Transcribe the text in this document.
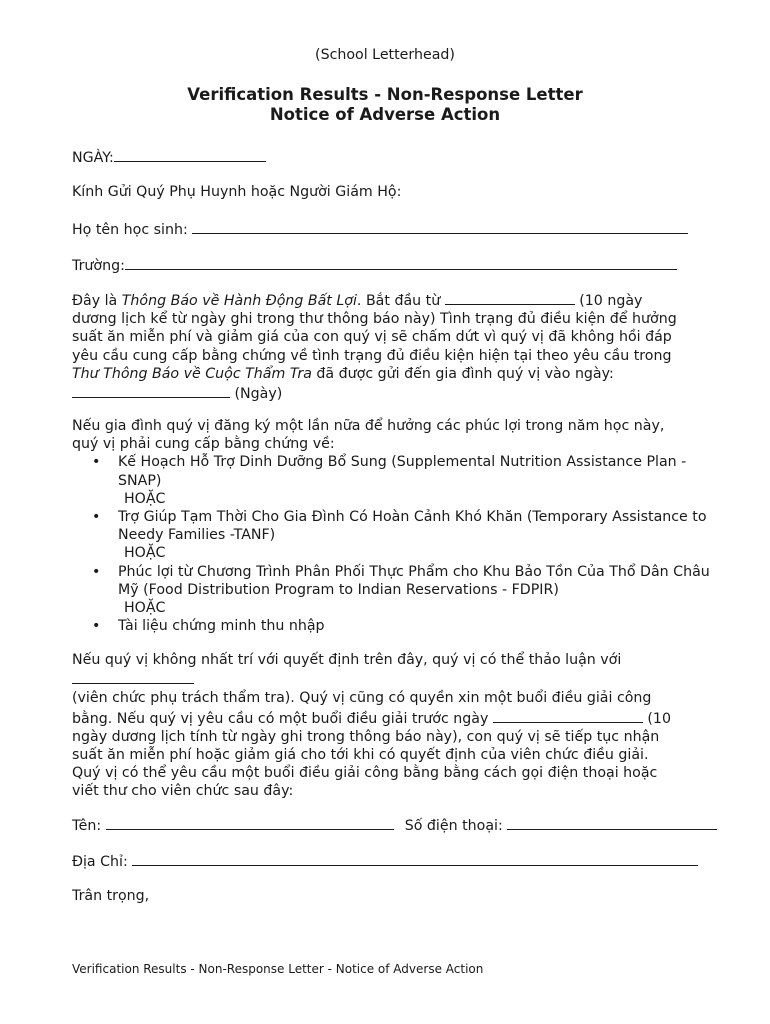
(School Letterhead)
Verification Results - Non-Response Letter
Notice of Adverse Action
NGÀY:
Kính Gửi Quý Phụ Huynh hoặc Người Giám Hộ:
Họ tên học sinh:
Trường:

Đây là Thông Báo về Hành Động Bất Lợi. Bắt đầu từ	(10 ngày

dương lịch kể từ ngày ghi trong thư thông báo này) Tình trạng đủ điều kiện để hưởng

suất ăn miễn phí và giảm giá của con quý vị sẽ chấm dứt vì quý vị đã không hồi đáp

yêu cầu cung cấp bằng chứng về tình trạng đủ điều kiện hiện tại theo yêu cầu trong

Thư Thông Báo về Cuộc Thẩm Tra đã được gửi đến gia đình quý vị vào ngày:

(Ngày)

Nếu gia đình quý vị đăng ký một lần nữa để hưởng các phúc lợi trong năm học này,

quý vị phải cung cấp bằng chứng về:

• Kế Hoạch Hỗ Trợ Dinh Dưỡng Bổ Sung (Supplemental Nutrition Assistance Plan - SNAP)
HOẶC
• Trợ Giúp Tạm Thời Cho Gia Đình Có Hoàn Cảnh Khó Khăn (Temporary Assistance to Needy Families -TANF)
HOẶC
• Phúc lợi từ Chương Trình Phân Phối Thực Phẩm cho Khu Bảo Tồn Của Thổ Dân Châu Mỹ (Food Distribution Program to Indian Reservations - FDPIR)
HOẶC
• Tài liệu chứng minh thu nhập

Nếu quý vị không nhất trí với quyết định trên đây, quý vị có thể thảo luận với

(viên chức phụ trách thẩm tra). Quý vị cũng có quyền xin một buổi điều giải công

bằng. Nếu quý vị yêu cầu có một buổi điều giải trước ngày	(10

ngày dương lịch tính từ ngày ghi trong thông báo này), con quý vị sẽ tiếp tục nhận

suất ăn miễn phí hoặc giảm giá cho tới khi có quyết định của viên chức điều giải.

Quý vị có thể yêu cầu một buổi điều giải công bằng bằng cách gọi điện thoại hoặc

viết thư cho viên chức sau đây:

Tên:	Số điện thoại:
Địa Chỉ:
Trân trọng,
Verification Results - Non-Response Letter - Notice of Adverse Action
